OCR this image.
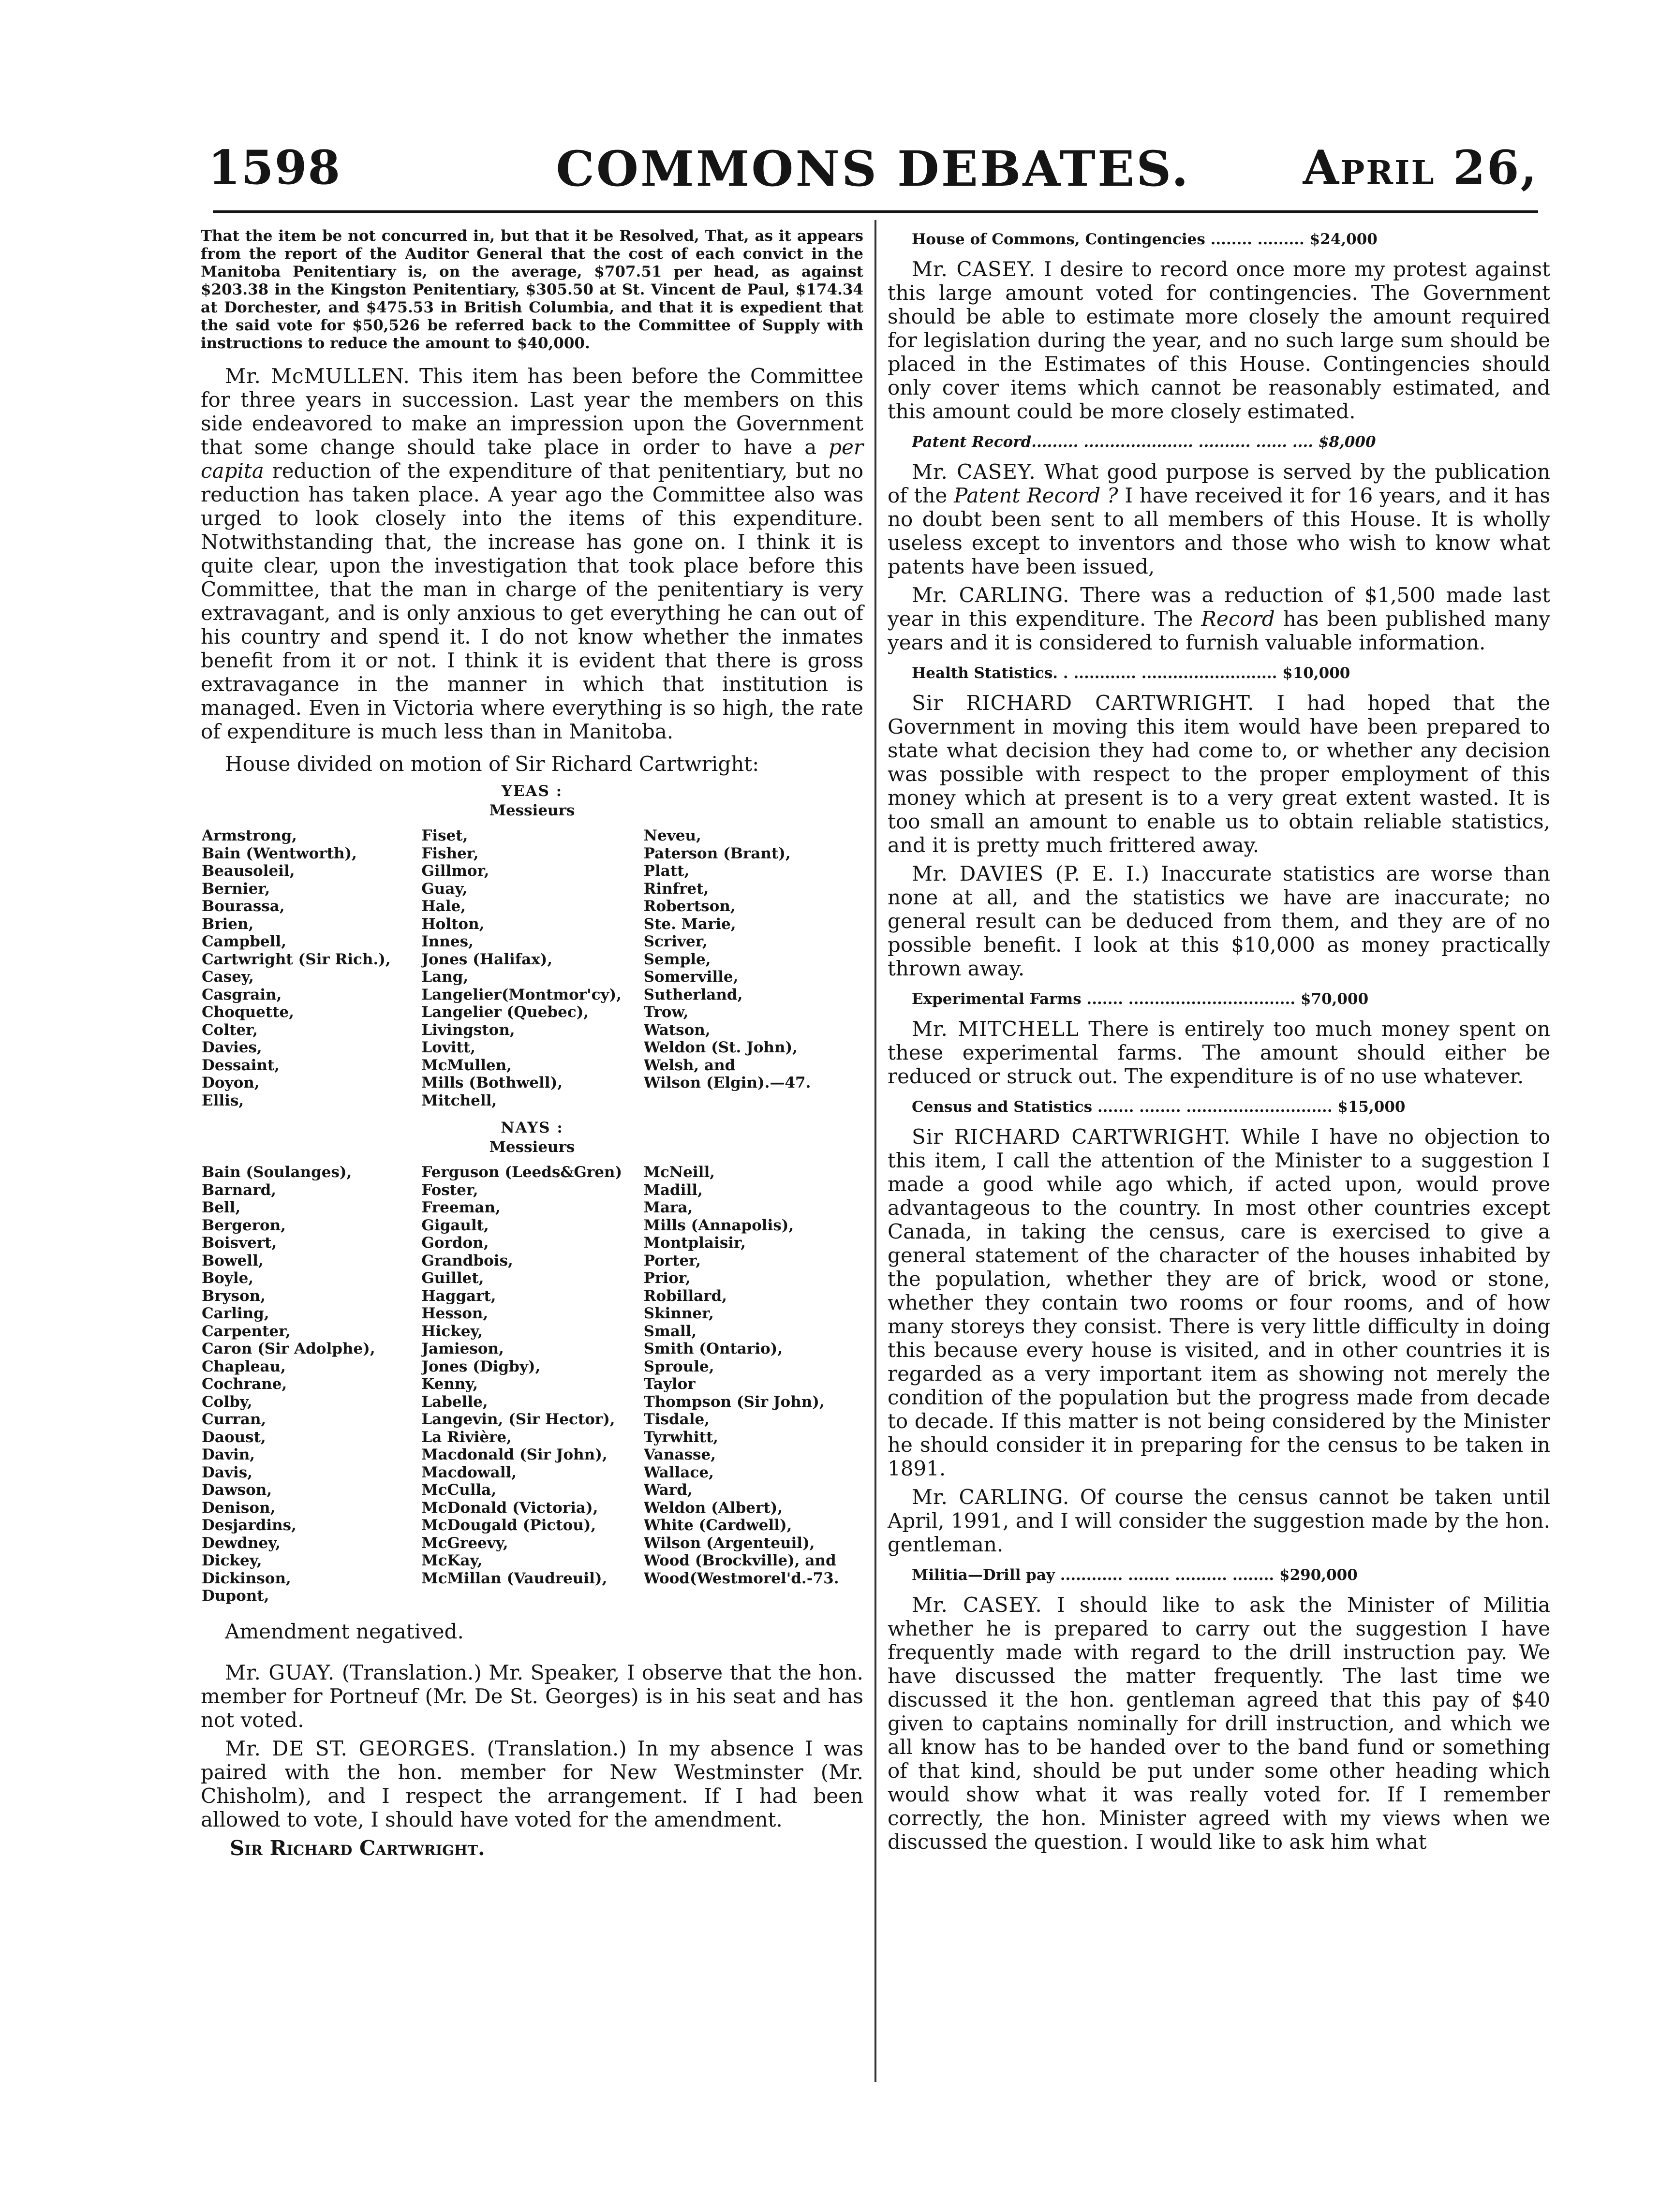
1598	COMMONS DEBATES.	April 26,

That the item be not concurred in, but that it be Resolved, That, as it appears from the report of the Auditor General that the cost of each convict in the Manitoba Penitentiary is, on the average, $707.51 per head, as against $203.38 in the Kingston Penitentiary, $305.50 at St. Vincent de Paul, $174.34 at Dorchester, and $475.53 in British Columbia, and that it is expedient that the said vote for $50,526 be referred back to the Committee of Supply with instructions to reduce the amount to $40,000.

Mr. McMULLEN. This item has been before the Committee for three years in succession. Last year the members on this side endeavored to make an impression upon the Government that some change should take place in order to have a per capita reduction of the expenditure of that penitentiary, but no reduction has taken place. A year ago the Committee also was urged to look closely into the items of this expenditure. Notwithstanding that, the increase has gone on. I think it is quite clear, upon the investigation that took place before this Committee, that the man in charge of the penitentiary is very extravagant, and is only anxious to get everything he can out of his country and spend it. I do not know whether the inmates benefit from it or not. I think it is evident that there is gross extravagance in the manner in which that institution is managed. Even in Victoria where everything is so high, the rate of expenditure is much less than in Manitoba.

House divided on motion of Sir Richard Cartwright:

YEAS :
Messieurs
Armstrong,
Bain (Wentworth),
Beausoleil,
Bernier,
Bourassa,
Brien,
Campbell,
Cartwright (Sir Rich.),
Casey,
Casgrain,
Choquette,
Colter,
Davies,
Dessaint,
Doyon,
Ellis,
Fiset,
Fisher,
Gillmor,
Guay,
Hale,
Holton,
Innes,
Jones (Halifax),
Lang,
Langelier(Montmor'cy),
Langelier (Quebec),
Livingston,
Lovitt,
McMullen,
Mills (Bothwell),
Mitchell,
Neveu,
Paterson (Brant),
Platt,
Rinfret,
Robertson,
Ste. Marie,
Scriver,
Semple,
Somerville,
Sutherland,
Trow,
Watson,
Weldon (St. John),
Welsh, and
Wilson (Elgin).—47.

NAYS :
Messieurs
Bain (Soulanges),
Barnard,
Bell,
Bergeron,
Boisvert,
Bowell,
Boyle,
Bryson,
Carling,
Carpenter,
Caron (Sir Adolphe),
Chapleau,
Cochrane,
Colby,
Curran,
Daoust,
Davin,
Davis,
Dawson,
Denison,
Desjardins,
Dewdney,
Dickey,
Dickinson,
Dupont,
Ferguson (Leeds&Gren)
Foster,
Freeman,
Gigault,
Gordon,
Grandbois,
Guillet,
Haggart,
Hesson,
Hickey,
Jamieson,
Jones (Digby),
Kenny,
Labelle,
Langevin, (Sir Hector),
La Rivière,
Macdonald (Sir John),
Macdowall,
McCulla,
McDonald (Victoria),
McDougald (Pictou),
McGreevy,
McKay,
McMillan (Vaudreuil),

McNeill,
Madill,
Mara,
Mills (Annapolis),
Montplaisir,
Porter,
Prior,
Robillard,
Skinner,
Small,
Smith (Ontario),
Sproule,
Taylor
Thompson (Sir John),
Tisdale,
Tyrwhitt,
Vanasse,
Wallace,
Ward,
Weldon (Albert),
White (Cardwell),
Wilson (Argenteuil),
Wood (Brockville), and
Wood(Westmorel'd.-73.

Amendment negatived.

Mr. GUAY. (Translation.) Mr. Speaker, I observe that the hon. member for Portneuf (Mr. De St. Georges) is in his seat and has not voted.

Mr. DE ST. GEORGES. (Translation.) In my absence I was paired with the hon. member for New Westminster (Mr. Chisholm), and I respect the arrangement. If I had been allowed to vote, I should have voted for the amendment.

Sir Richard Cartwright.

House of Commons, Contingencies ........ ......... $24,000

Mr. CASEY. I desire to record once more my protest against this large amount voted for contingencies. The Government should be able to estimate more closely the amount required for legislation during the year, and no such large sum should be placed in the Estimates of this House. Contingencies should only cover items which cannot be reasonably estimated, and this amount could be more closely estimated.

Patent Record......... ..................... .......... ...... .... $8,000

Mr. CASEY. What good purpose is served by the publication of the Patent Record ? I have received it for 16 years, and it has no doubt been sent to all members of this House. It is wholly useless except to inventors and those who wish to know what patents have been issued,

Mr. CARLING. There was a reduction of $1,500 made last year in this expenditure. The Record has been published many years and it is considered to furnish valuable information.

Health Statistics. . ............ .......................... $10,000

Sir RICHARD CARTWRIGHT. I had hoped that the Government in moving this item would have been prepared to state what decision they had come to, or whether any decision was possible with respect to the proper employment of this money which at present is to a very great extent wasted. It is too small an amount to enable us to obtain reliable statistics, and it is pretty much frittered away.

Mr. DAVIES (P. E. I.) Inaccurate statistics are worse than none at all, and the statistics we have are inaccurate; no general result can be deduced from them, and they are of no possible benefit. I look at this $10,000 as money practically thrown away.

Experimental Farms ....... ................................ $70,000

Mr. MITCHELL There is entirely too much money spent on these experimental farms. The amount should either be reduced or struck out. The expenditure is of no use whatever.

Census and Statistics ....... ........ ............................ $15,000

Sir RICHARD CARTWRIGHT. While I have no objection to this item, I call the attention of the Minister to a suggestion I made a good while ago which, if acted upon, would prove advantageous to the country. In most other countries except Canada, in taking the census, care is exercised to give a general statement of the character of the houses inhabited by the population, whether they are of brick, wood or stone, whether they contain two rooms or four rooms, and of how many storeys they consist. There is very little difficulty in doing this because every house is visited, and in other countries it is regarded as a very important item as showing not merely the condition of the population but the progress made from decade to decade. If this matter is not being considered by the Minister he should consider it in preparing for the census to be taken in 1891.

Mr. CARLING. Of course the census cannot be taken until April, 1991, and I will consider the suggestion made by the hon. gentleman.

Militia—Drill pay ............ ........ .......... ........ $290,000

Mr. CASEY. I should like to ask the Minister of Militia whether he is prepared to carry out the suggestion I have frequently made with regard to the drill instruction pay. We have discussed the matter frequently. The last time we discussed it the hon. gentleman agreed that this pay of $40 given to captains nominally for drill instruction, and which we all know has to be handed over to the band fund or something of that kind, should be put under some other heading which would show what it was really voted for. If I remember correctly, the hon. Minister agreed with my views when we discussed the question. I would like to ask him what
